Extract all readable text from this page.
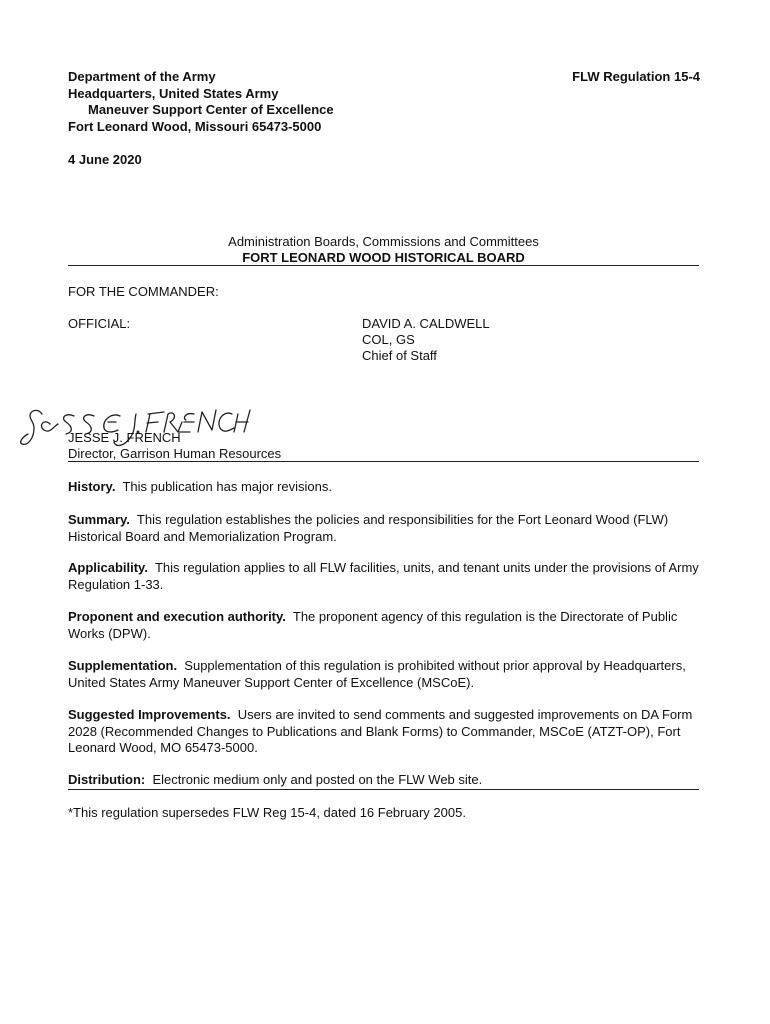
Department of the Army
Headquarters, United States Army
Maneuver Support Center of Excellence
Fort Leonard Wood, Missouri 65473-5000
FLW Regulation 15-4
4 June 2020
Administration Boards, Commissions and Committees
FORT LEONARD WOOD HISTORICAL BOARD
FOR THE COMMANDER:
OFFICIAL:	DAVID A. CALDWELL
COL, GS
Chief of Staff
JESSE J. FRENCH
JESSE J. FRENCH
Director, Garrison Human Resources
History. This publication has major revisions.
Summary. This regulation establishes the policies and responsibilities for the Fort Leonard Wood (FLW) Historical Board and Memorialization Program.
Applicability. This regulation applies to all FLW facilities, units, and tenant units under the provisions of Army Regulation 1-33.
Proponent and execution authority. The proponent agency of this regulation is the Directorate of Public Works (DPW).
Supplementation. Supplementation of this regulation is prohibited without prior approval by Headquarters, United States Army Maneuver Support Center of Excellence (MSCoE).
Suggested Improvements. Users are invited to send comments and suggested improvements on DA Form 2028 (Recommended Changes to Publications and Blank Forms) to Commander, MSCoE (ATZT-OP), Fort Leonard Wood, MO 65473-5000.
Distribution: Electronic medium only and posted on the FLW Web site.
*This regulation supersedes FLW Reg 15-4, dated 16 February 2005.
